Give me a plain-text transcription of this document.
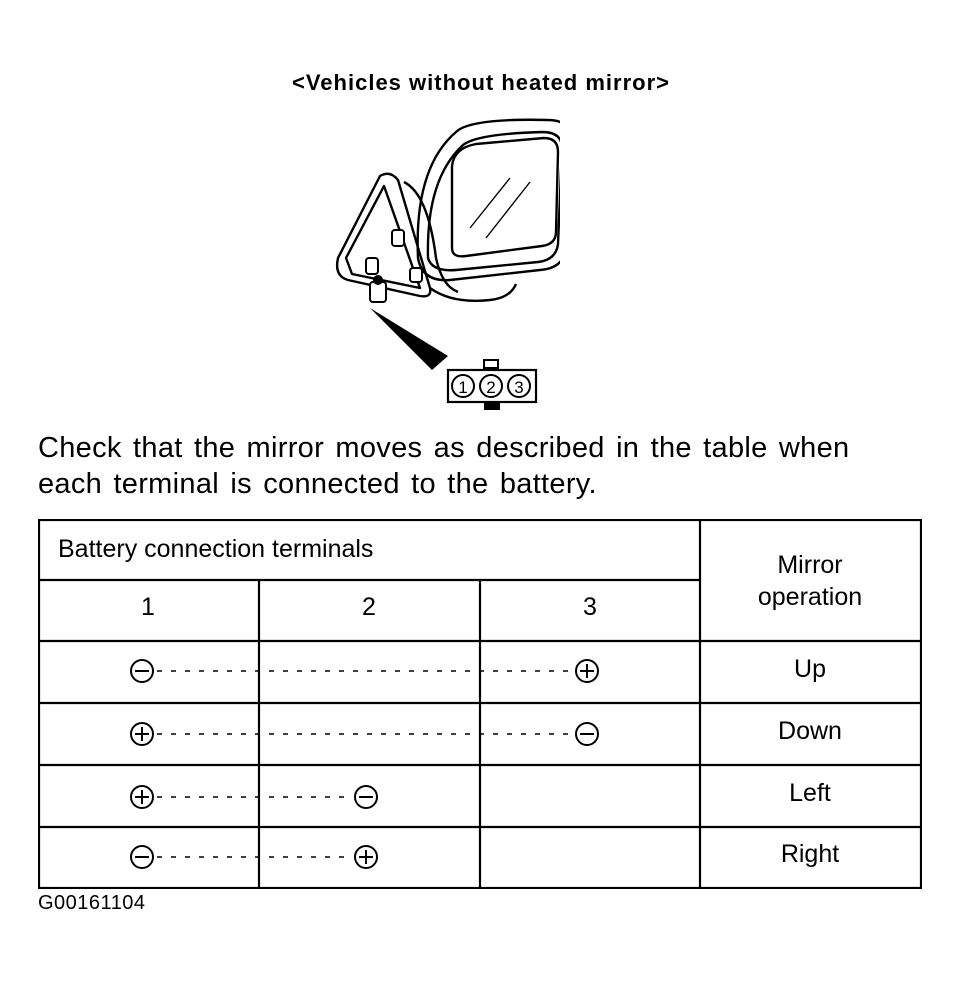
<Vehicles without heated mirror>
1 2 3
Check that the mirror moves as described in the table when
each terminal is connected to the battery.
Battery connection terminals
1	2	3
Mirror
operation
Up
Down
Left
Right
G00161104
